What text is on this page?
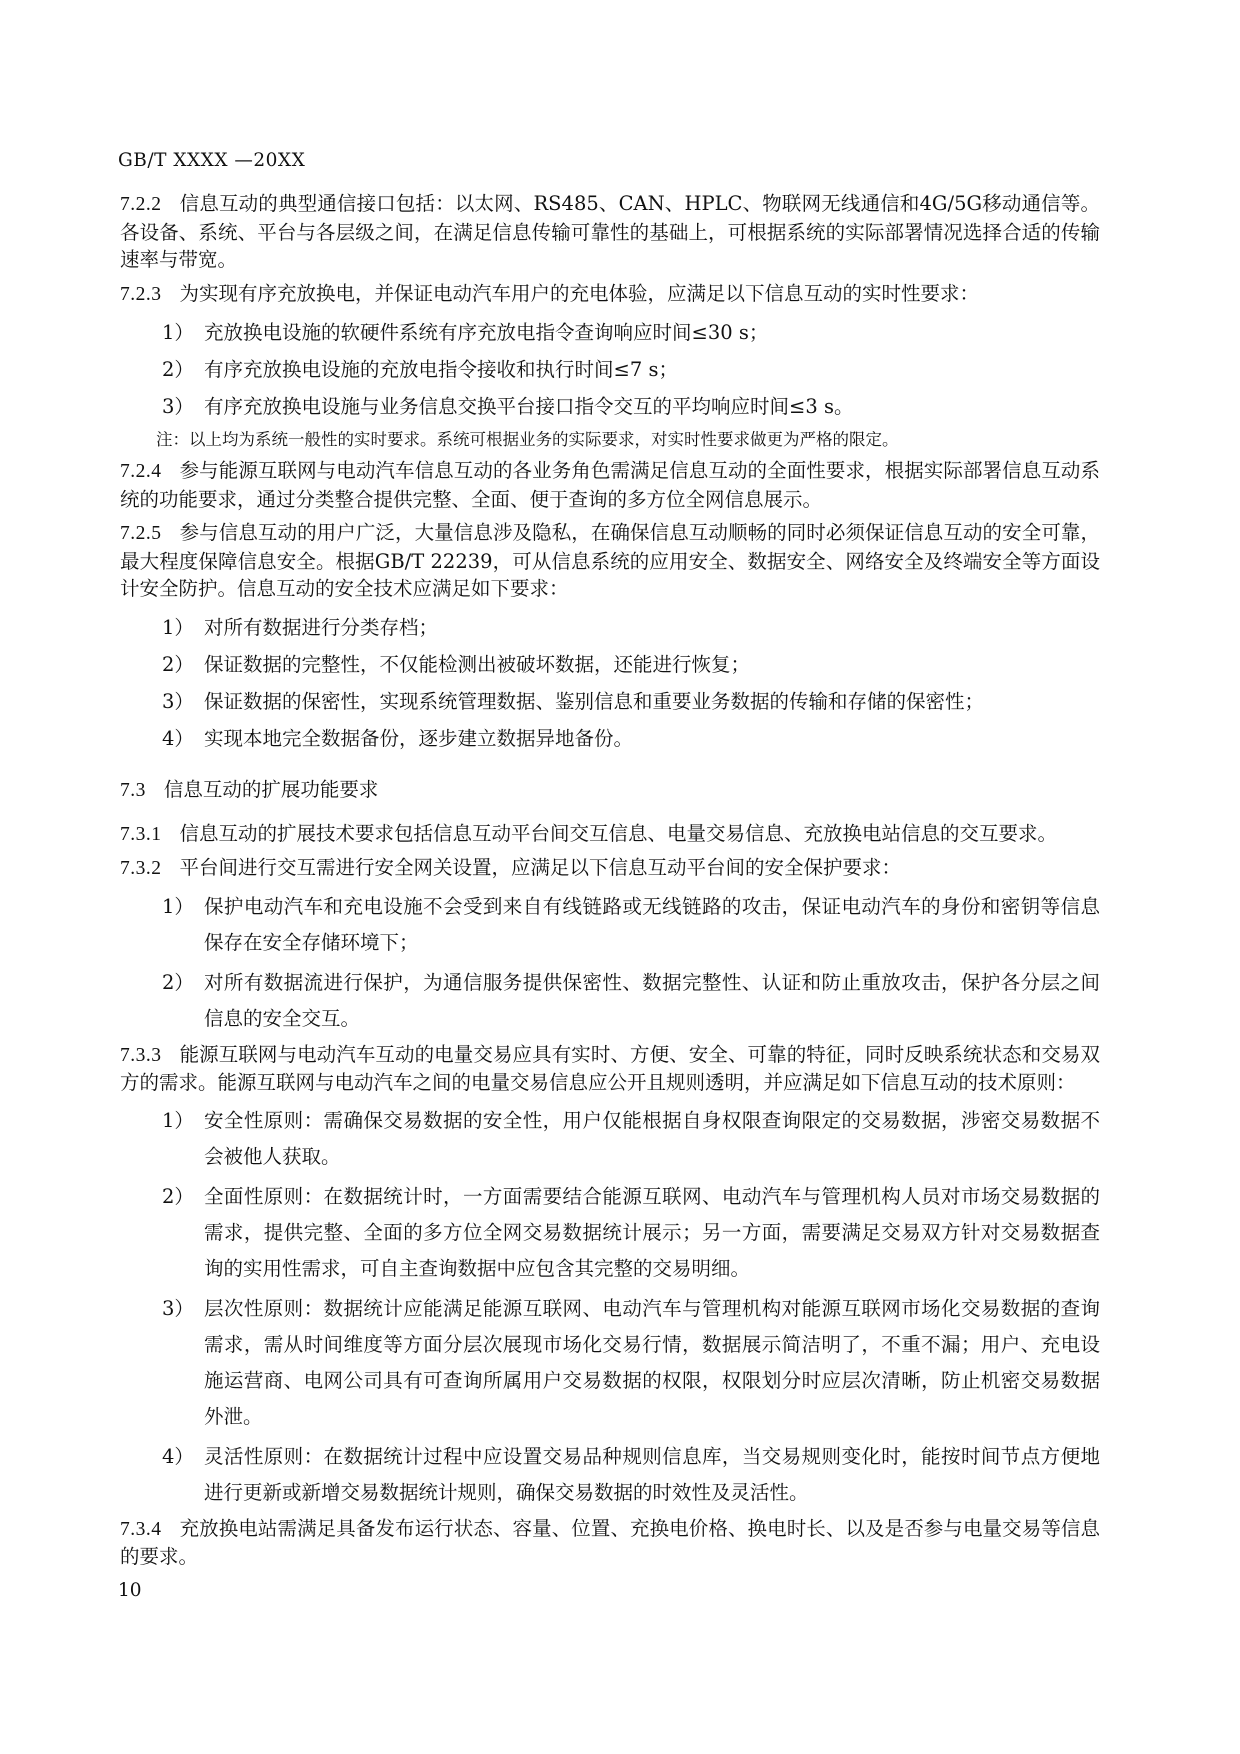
GB/T XXXX —20XX

7.2.2 信息互动的典型通信接口包括：以太网、RS485、CAN、HPLC、物联网无线通信和4G/5G移动通信等。各设备、系统、平台与各层级之间，在满足信息传输可靠性的基础上，可根据系统的实际部署情况选择合适的传输速率与带宽。

7.2.3 为实现有序充放换电，并保证电动汽车用户的充电体验，应满足以下信息互动的实时性要求：

1） 充放换电设施的软硬件系统有序充放电指令查询响应时间≤30 s；
2） 有序充放换电设施的充放电指令接收和执行时间≤7 s；
3） 有序充放换电设施与业务信息交换平台接口指令交互的平均响应时间≤3 s。

注：以上均为系统一般性的实时要求。系统可根据业务的实际要求，对实时性要求做更为严格的限定。

7.2.4 参与能源互联网与电动汽车信息互动的各业务角色需满足信息互动的全面性要求，根据实际部署信息互动系统的功能要求，通过分类整合提供完整、全面、便于查询的多方位全网信息展示。

7.2.5 参与信息互动的用户广泛，大量信息涉及隐私，在确保信息互动顺畅的同时必须保证信息互动的安全可靠，最大程度保障信息安全。根据GB/T 22239，可从信息系统的应用安全、数据安全、网络安全及终端安全等方面设计安全防护。信息互动的安全技术应满足如下要求：

1） 对所有数据进行分类存档；
2） 保证数据的完整性，不仅能检测出被破坏数据，还能进行恢复；
3） 保证数据的保密性，实现系统管理数据、鉴别信息和重要业务数据的传输和存储的保密性；
4） 实现本地完全数据备份，逐步建立数据异地备份。
7.3 信息互动的扩展功能要求

7.3.1 信息互动的扩展技术要求包括信息互动平台间交互信息、电量交易信息、充放换电站信息的交互要求。

7.3.2 平台间进行交互需进行安全网关设置，应满足以下信息互动平台间的安全保护要求：

1） 保护电动汽车和充电设施不会受到来自有线链路或无线链路的攻击，保证电动汽车的身份和密钥等信息保存在安全存储环境下；
2） 对所有数据流进行保护，为通信服务提供保密性、数据完整性、认证和防止重放攻击，保护各分层之间信息的安全交互。

7.3.3 能源互联网与电动汽车互动的电量交易应具有实时、方便、安全、可靠的特征，同时反映系统状态和交易双方的需求。能源互联网与电动汽车之间的电量交易信息应公开且规则透明，并应满足如下信息互动的技术原则：

1） 安全性原则：需确保交易数据的安全性，用户仅能根据自身权限查询限定的交易数据，涉密交易数据不会被他人获取。
2） 全面性原则：在数据统计时，一方面需要结合能源互联网、电动汽车与管理机构人员对市场交易数据的需求，提供完整、全面的多方位全网交易数据统计展示；另一方面，需要满足交易双方针对交易数据查询的实用性需求，可自主查询数据中应包含其完整的交易明细。
3） 层次性原则：数据统计应能满足能源互联网、电动汽车与管理机构对能源互联网市场化交易数据的查询需求，需从时间维度等方面分层次展现市场化交易行情，数据展示简洁明了，不重不漏；用户、充电设施运营商、电网公司具有可查询所属用户交易数据的权限，权限划分时应层次清晰，防止机密交易数据外泄。
4） 灵活性原则：在数据统计过程中应设置交易品种规则信息库，当交易规则变化时，能按时间节点方便地进行更新或新增交易数据统计规则，确保交易数据的时效性及灵活性。

7.3.4 充放换电站需满足具备发布运行状态、容量、位置、充换电价格、换电时长、以及是否参与电量交易等信息的要求。

10
